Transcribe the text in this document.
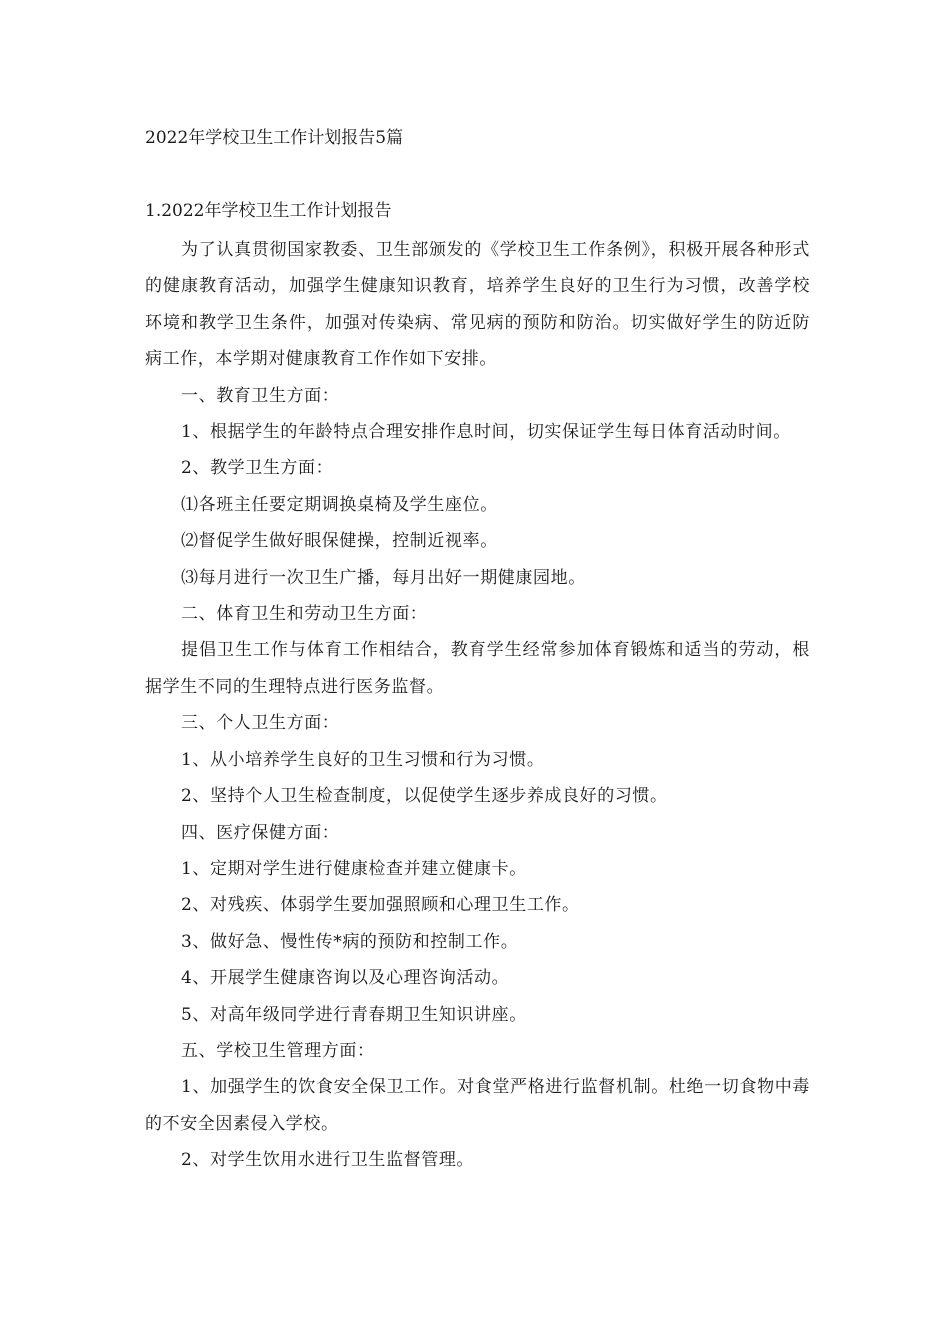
2022年学校卫生工作计划报告5篇
1.2022年学校卫生工作计划报告

为了认真贯彻国家教委、卫生部颁发的《学校卫生工作条例》，积极开展各种形式的健康教育活动，加强学生健康知识教育，培养学生良好的卫生行为习惯，改善学校环境和教学卫生条件，加强对传染病、常见病的预防和防治。切实做好学生的防近防病工作，本学期对健康教育工作作如下安排。

一、教育卫生方面：

1、根据学生的年龄特点合理安排作息时间，切实保证学生每日体育活动时间。

2、教学卫生方面：

⑴各班主任要定期调换桌椅及学生座位。

⑵督促学生做好眼保健操，控制近视率。

⑶每月进行一次卫生广播，每月出好一期健康园地。

二、体育卫生和劳动卫生方面：

提倡卫生工作与体育工作相结合，教育学生经常参加体育锻炼和适当的劳动，根据学生不同的生理特点进行医务监督。

三、个人卫生方面：

1、从小培养学生良好的卫生习惯和行为习惯。

2、坚持个人卫生检查制度，以促使学生逐步养成良好的习惯。

四、医疗保健方面：

1、定期对学生进行健康检查并建立健康卡。

2、对残疾、体弱学生要加强照顾和心理卫生工作。

3、做好急、慢性传*病的预防和控制工作。

4、开展学生健康咨询以及心理咨询活动。

5、对高年级同学进行青春期卫生知识讲座。

五、学校卫生管理方面：

1、加强学生的饮食安全保卫工作。对食堂严格进行监督机制。杜绝一切食物中毒的不安全因素侵入学校。

2、对学生饮用水进行卫生监督管理。
